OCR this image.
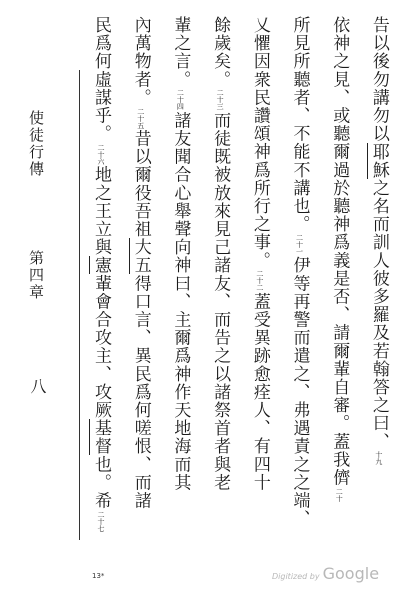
使徒行傳
第四章
八
告以後勿講勿以耶穌之名而訓人彼多羅及若翰答之曰、十九
依神之見、或聽爾過於聽神爲義是否、請爾輩自審。蓋我儕二十
所見所聽者、不能不講也。二十一伊等再警而遣之、弗遇責之之端、
乂懼因衆民讚頌神爲所行之事。二十二蓋受異跡愈痊人、有四十
餘歲矣。二十三而徒既被放來見己諸友、而告之以諸祭首者與老
輩之言。二十四諸友聞合心舉聲向神曰、主爾爲神作天地海而其
內萬物者。二十五昔以爾役吾祖大五得口言、異民爲何嗟恨、而諸
民爲何虛謀乎。二十六地之王立與憲輩會合攻主、攻厥基督也。希二十七
13*	Digitized by Google
